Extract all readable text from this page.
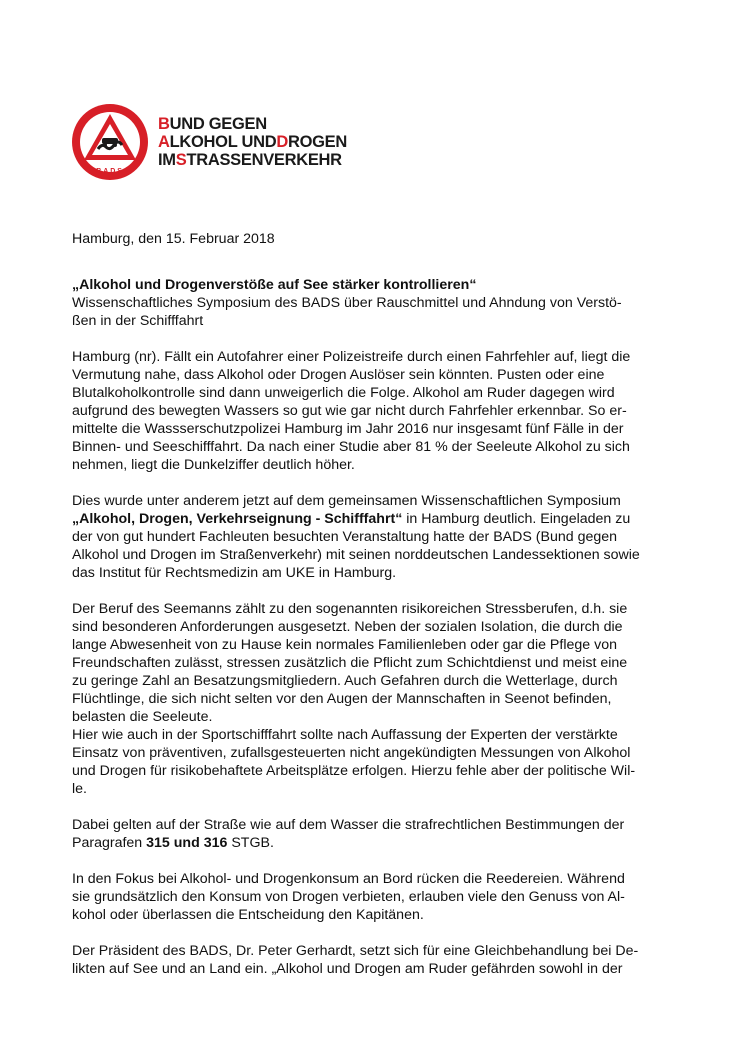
B.A.D.S.
B UND GEGEN
A LKOHOL UND D ROGEN
IM S TRASSENVERKEHR

Hamburg, den 15. Februar 2018

„Alkohol und Drogenverstöße auf See stärker kontrollieren“

Wissenschaftliches Symposium des BADS über Rauschmittel und Ahndung von Verstö-

ßen in der Schifffahrt

Hamburg (nr). Fällt ein Autofahrer einer Polizeistreife durch einen Fahrfehler auf, liegt die

Vermutung nahe, dass Alkohol oder Drogen Auslöser sein könnten. Pusten oder eine

Blutalkoholkontrolle sind dann unweigerlich die Folge. Alkohol am Ruder dagegen wird

aufgrund des bewegten Wassers so gut wie gar nicht durch Fahrfehler erkennbar. So er-

mittelte die Wassserschutzpolizei Hamburg im Jahr 2016 nur insgesamt fünf Fälle in der

Binnen- und Seeschifffahrt. Da nach einer Studie aber 81 % der Seeleute Alkohol zu sich

nehmen, liegt die Dunkelziffer deutlich höher.

Dies wurde unter anderem jetzt auf dem gemeinsamen Wissenschaftlichen Symposium

„Alkohol, Drogen, Verkehrseignung - Schifffahrt“ in Hamburg deutlich. Eingeladen zu

der von gut hundert Fachleuten besuchten Veranstaltung hatte der BADS (Bund gegen

Alkohol und Drogen im Straßenverkehr) mit seinen norddeutschen Landessektionen sowie

das Institut für Rechtsmedizin am UKE in Hamburg.

Der Beruf des Seemanns zählt zu den sogenannten risikoreichen Stressberufen, d.h. sie

sind besonderen Anforderungen ausgesetzt. Neben der sozialen Isolation, die durch die

lange Abwesenheit von zu Hause kein normales Familienleben oder gar die Pflege von

Freundschaften zulässt, stressen zusätzlich die Pflicht zum Schichtdienst und meist eine

zu geringe Zahl an Besatzungsmitgliedern. Auch Gefahren durch die Wetterlage, durch

Flüchtlinge, die sich nicht selten vor den Augen der Mannschaften in Seenot befinden,

belasten die Seeleute.

Hier wie auch in der Sportschifffahrt sollte nach Auffassung der Experten der verstärkte

Einsatz von präventiven, zufallsgesteuerten nicht angekündigten Messungen von Alkohol

und Drogen für risikobehaftete Arbeitsplätze erfolgen. Hierzu fehle aber der politische Wil-

le.

Dabei gelten auf der Straße wie auf dem Wasser die strafrechtlichen Bestimmungen der

Paragrafen 315 und 316 STGB.

In den Fokus bei Alkohol- und Drogenkonsum an Bord rücken die Reedereien. Während

sie grundsätzlich den Konsum von Drogen verbieten, erlauben viele den Genuss von Al-

kohol oder überlassen die Entscheidung den Kapitänen.

Der Präsident des BADS, Dr. Peter Gerhardt, setzt sich für eine Gleichbehandlung bei De-

likten auf See und an Land ein. „Alkohol und Drogen am Ruder gefährden sowohl in der
